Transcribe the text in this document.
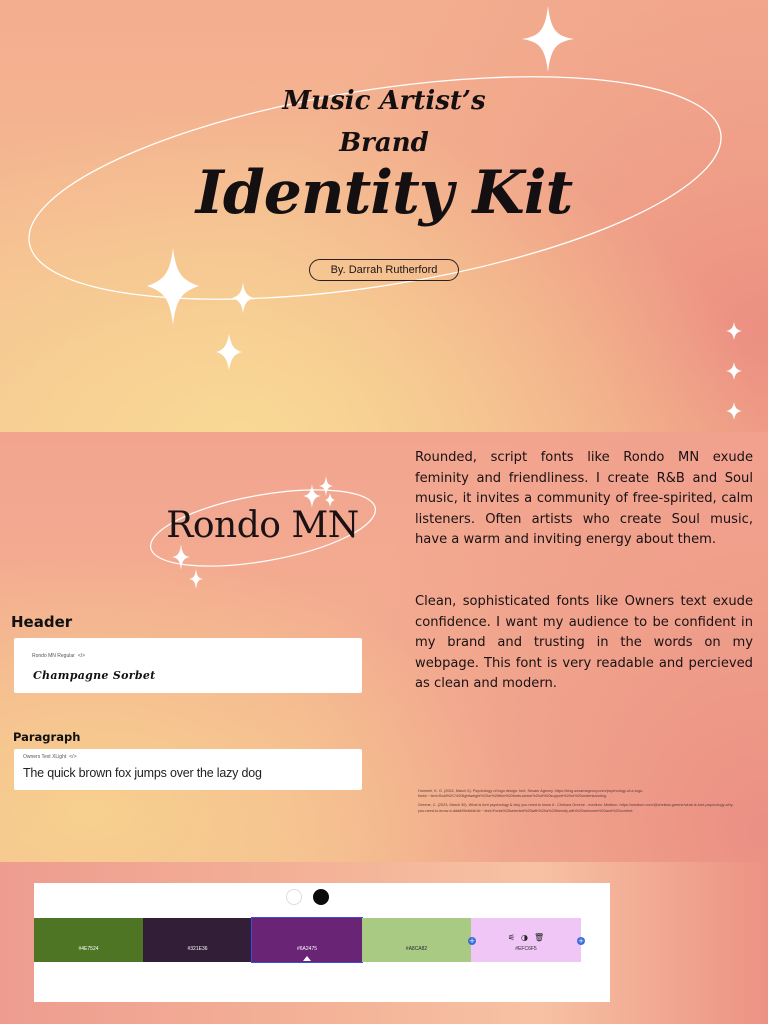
Music Artist’s
Brand
Identity Kit
By. Darrah Rutherford
Rondo MN

Rounded, script fonts like Rondo MN exude feminity and friendliness. I create R&B and Soul music, it invites a community of free-spirited, calm listeners. Often artists who create Soul music, have a warm and inviting energy about them.

Clean, sophisticated fonts like Owners text exude confidence. I want my audience to be confident in my brand and trusting in the words on my webpage. This font is very readable and percieved as clean and modern.

Header
Rondo MN Regular </>
Champagne Sorbet
Paragraph
Owners Text XLight </>
The quick brown fox jumps over the lazy dog
Hummel, K. G. (2024, March 5). Psychology of logo design: font. Sesam Agency. https://blog.sesamagency.com/psychology-of-a-logo-font#:~:text=Bold%2C%20lightweight%20or%20thin%20fonts,sense%20of%20support%20or%20understanding.
Greene, C. (2023, March 30). What is font psychology & why you need to know it - Chelsea Greene - medium. Medium. https://medium.com/@chelsea.greene/what-is-font-psychology-why-you-need-to-know-it-dddd05e8d4e1#:~:text=Fonts%20selected%20with%20a%20friendly,with%20welcome%20and%20comfort.
#4E7524	#321E36	#6A2475	#A8CA82
⚟ ◑ 🗑
#EFC6F5
+	+
